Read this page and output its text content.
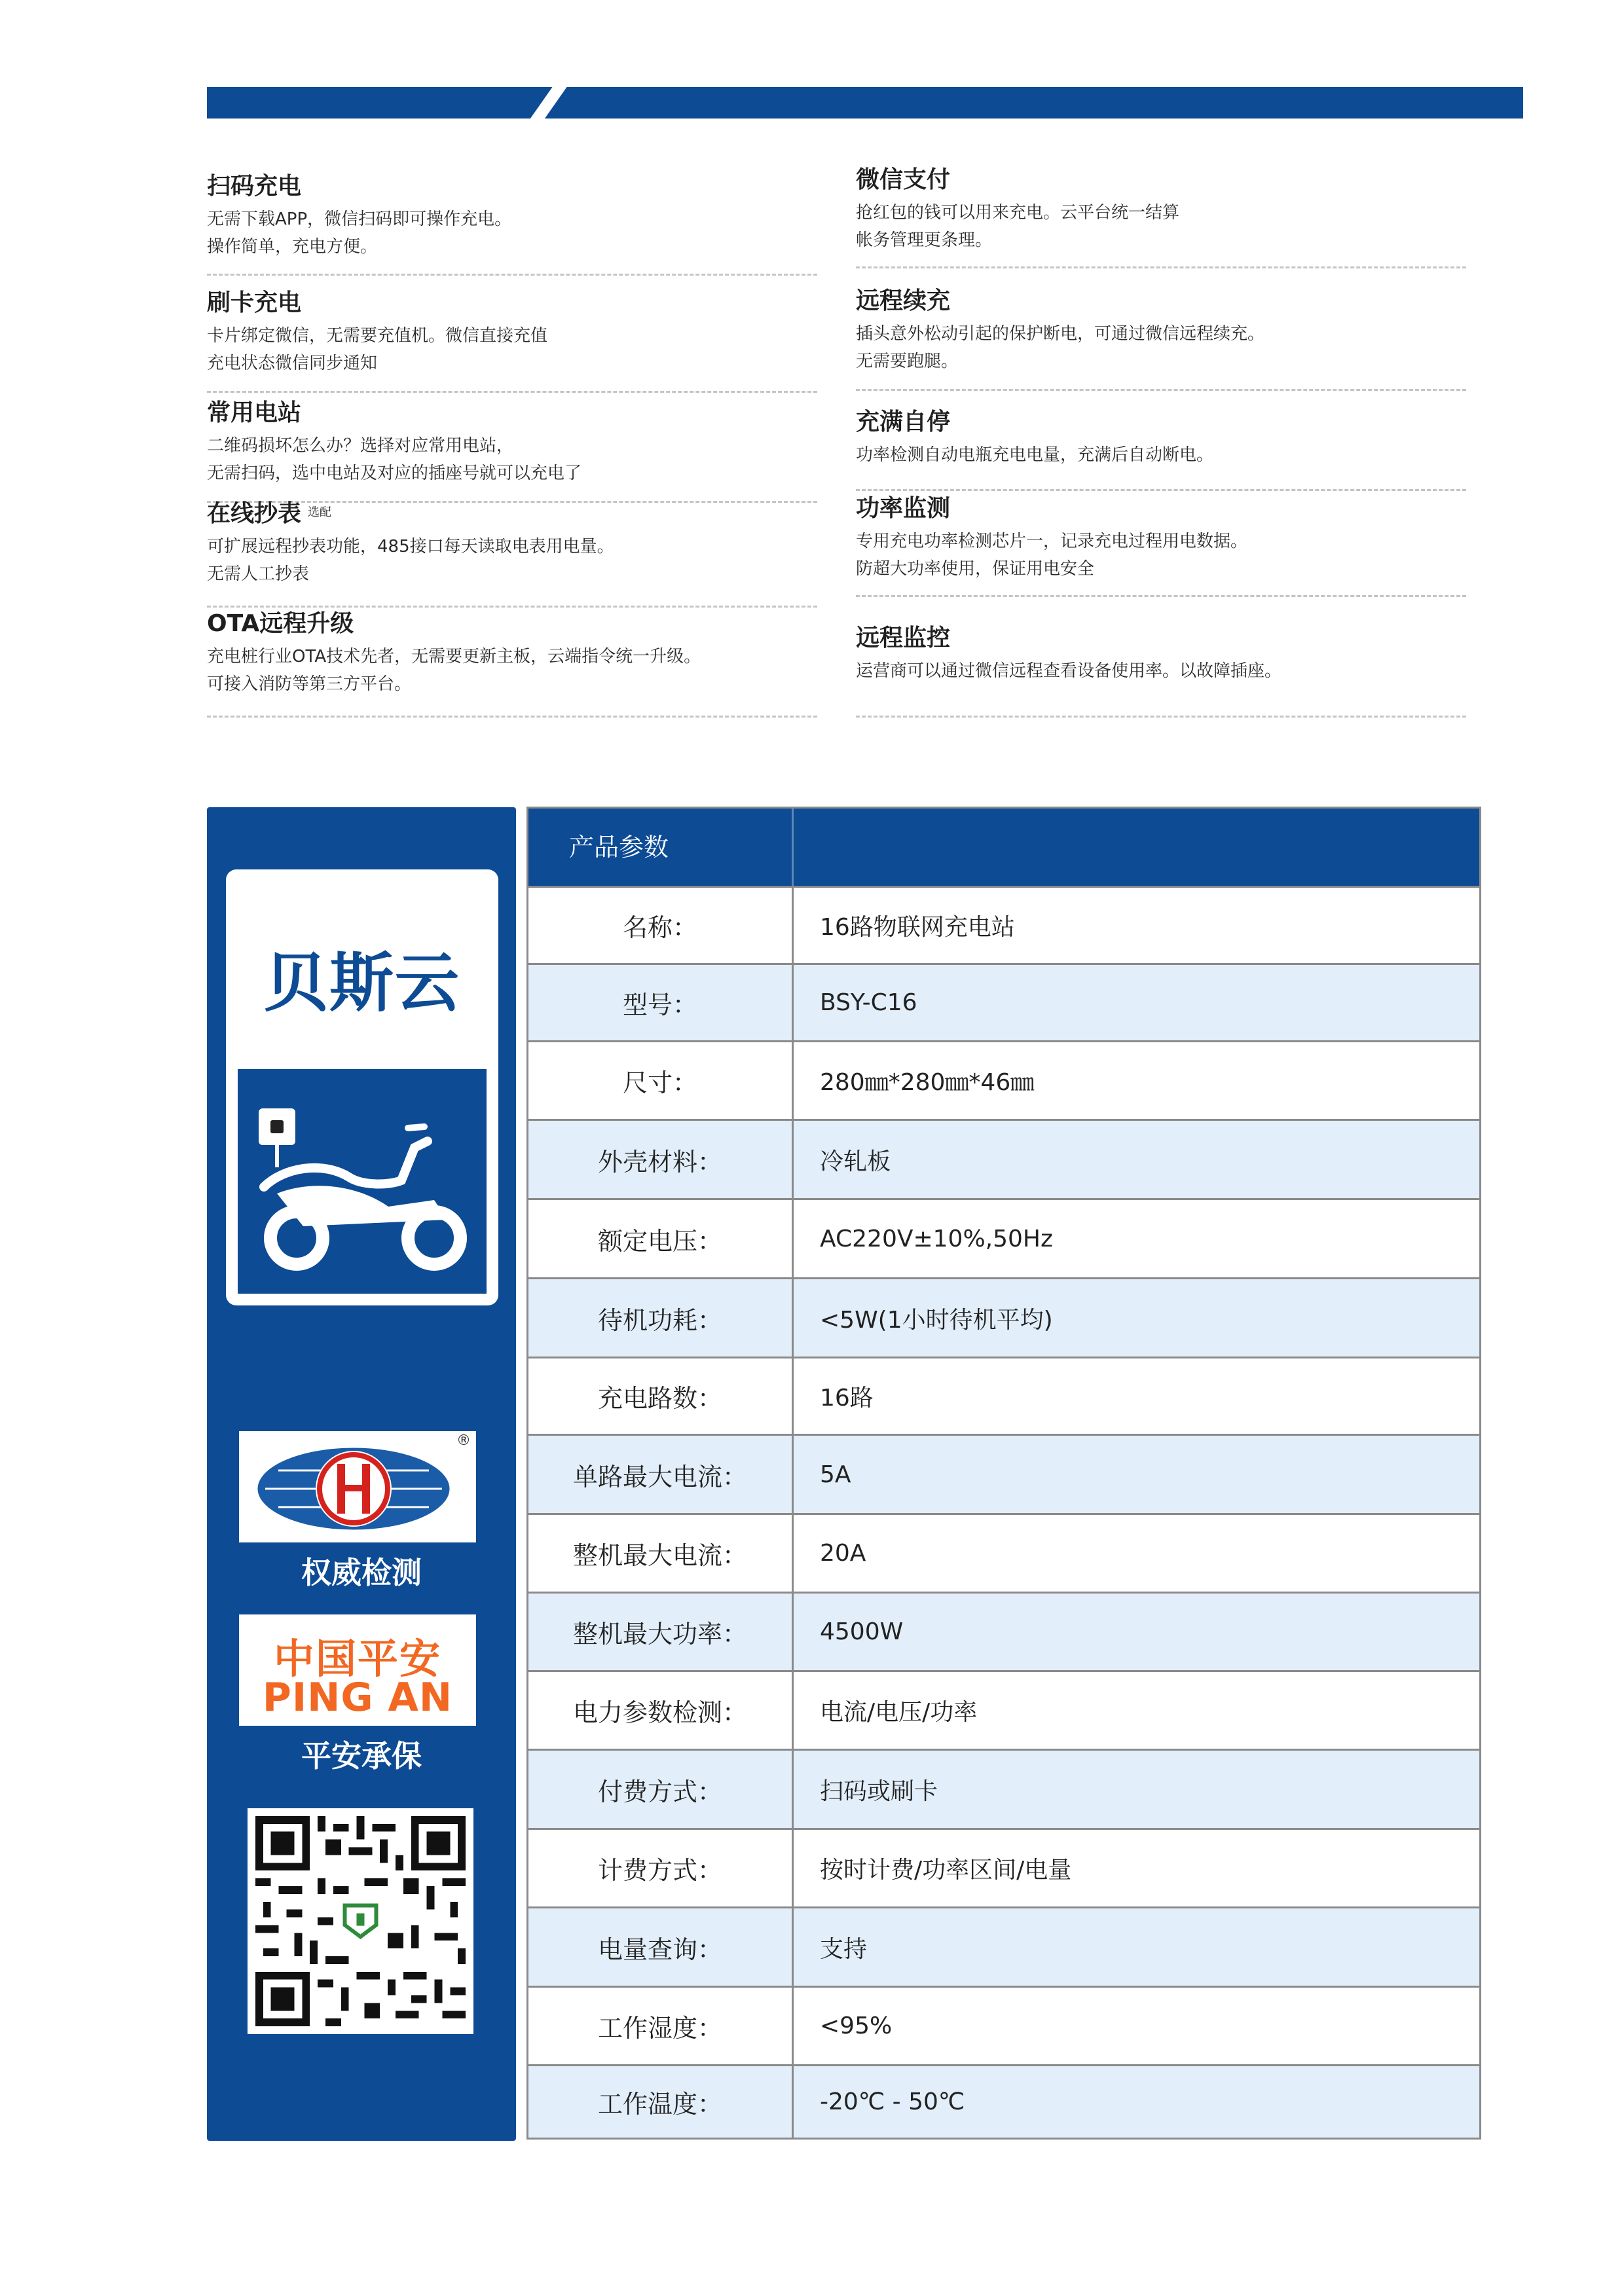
扫码充电

无需下载APP，微信扫码即可操作充电。
操作简单，充电方便。

刷卡充电

卡片绑定微信，无需要充值机。微信直接充值
充电状态微信同步通知

常用电站

二维码损坏怎么办？选择对应常用电站，
无需扫码，选中电站及对应的插座号就可以充电了

在线抄表 $^{选配}$

可扩展远程抄表功能，485接口每天读取电表用电量。
无需人工抄表

OTA远程升级

充电桩行业OTA技术先者，无需要更新主板，云端指令统一升级。
可接入消防等第三方平台。

微信支付

抢红包的钱可以用来充电。云平台统一结算
帐务管理更条理。

远程续充

插头意外松动引起的保护断电，可通过微信远程续充。
无需要跑腿。

充满自停

功率检测自动电瓶充电电量，充满后自动断电。

功率监测

专用充电功率检测芯片一，记录充电过程用电数据。
防超大功率使用，保证用电安全

远程监控

运营商可以通过微信远程查看设备使用率。以故障插座。

贝斯云
®
权威检测
中国平安
PING AN
平安承保
产品参数
名称：	16路物联网充电站
型号：	BSY-C16
尺寸：	280㎜*280㎜*46㎜
外壳材料：	冷轧板
额定电压：	AC220V±10%,50Hz
待机功耗：	<5W(1小时待机平均)
充电路数：	16路
单路最大电流：	5A
整机最大电流：	20A
整机最大功率：	4500W
电力参数检测：	电流/电压/功率
付费方式：	扫码或刷卡
计费方式：	按时计费/功率区间/电量
电量查询：	支持
工作湿度：	<95%
工作温度：	-20℃ - 50℃
